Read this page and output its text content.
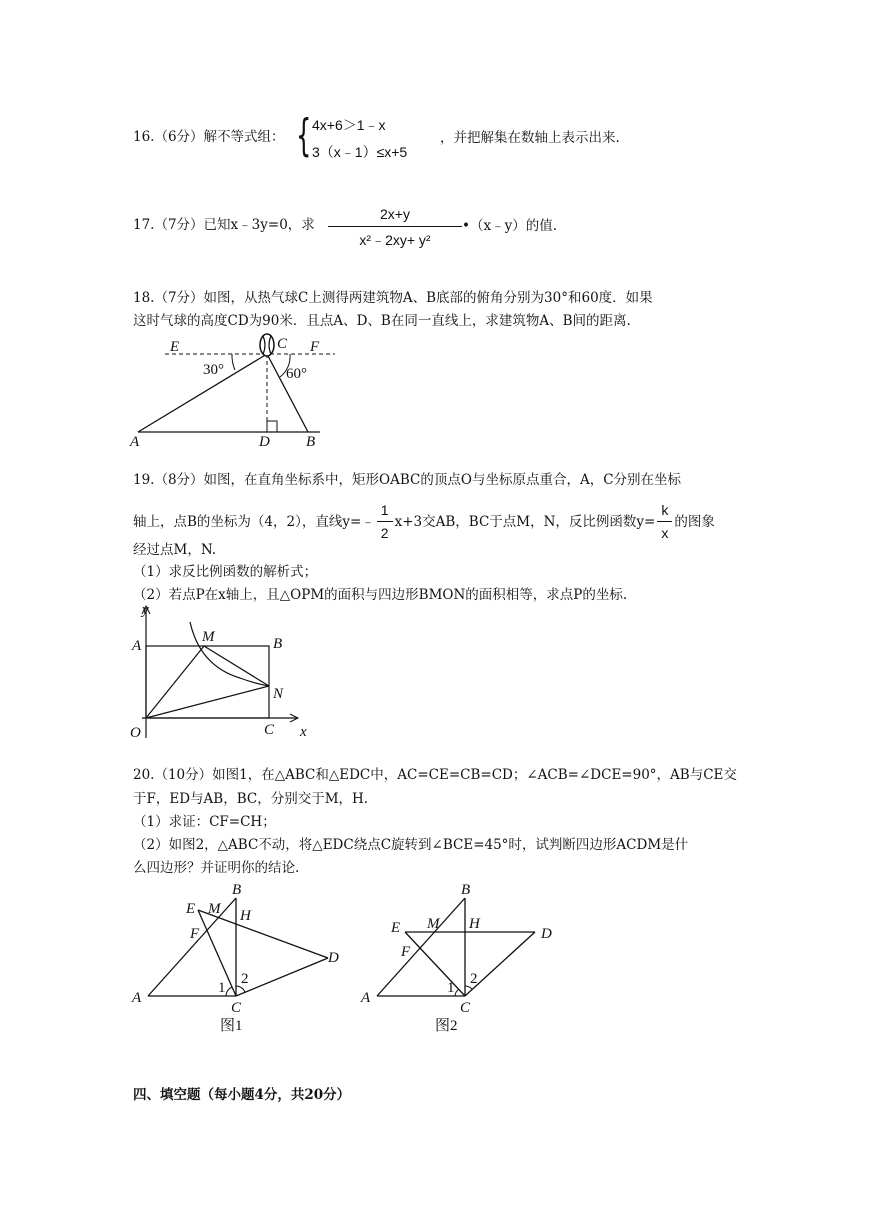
16.（6分）解不等式组： { 4x+6＞1﹣x
3（x﹣1）≤x+5
，并把解集在数轴上表示出来.
17.（7分）已知x﹣3y=0，求
2x+y
x²﹣2xy+ y²
•（x﹣y）的值.
18.（7分）如图，从热气球C上测得两建筑物A、B底部的俯角分别为30°和60度．如果
这时气球的高度CD为90米．且点A、D、B在同一直线上，求建筑物A、B间的距离.
E	C F
A	D B
30°	60°
19.（8分）如图，在直角坐标系中，矩形OABC的顶点O与坐标原点重合，A，C分别在坐标
轴上，点B的坐标为（4，2），直线y=﹣ $\frac{1}{2} x+3$交AB，BC于点M，N，反比例函数$y= \frac{k}{x}$ 的图象
经过点M，N.
（1）求反比例函数的解析式；
（2）若点P在x轴上，且△OPM的面积与四边形BMON的面积相等，求点P的坐标.
y
A
M	B
N
O	C x
20.（10分）如图1，在△ABC和△EDC中，AC=CE=CB=CD；∠ACB=∠DCE=90°，AB与CE交
于F，ED与AB，BC，分别交于M，H.
（1）求证：CF=CH；
（2）如图2，△ABC不动，将△EDC绕点C旋转到∠BCE=45°时，试判断四边形ACDM是什
么四边形？并证明你的结论.
B
E M H
F
D
A
C
1
2
图1
B
E M H
F
D
A
C
1
2
图2
四、填空题（每小题4分，共20分）
